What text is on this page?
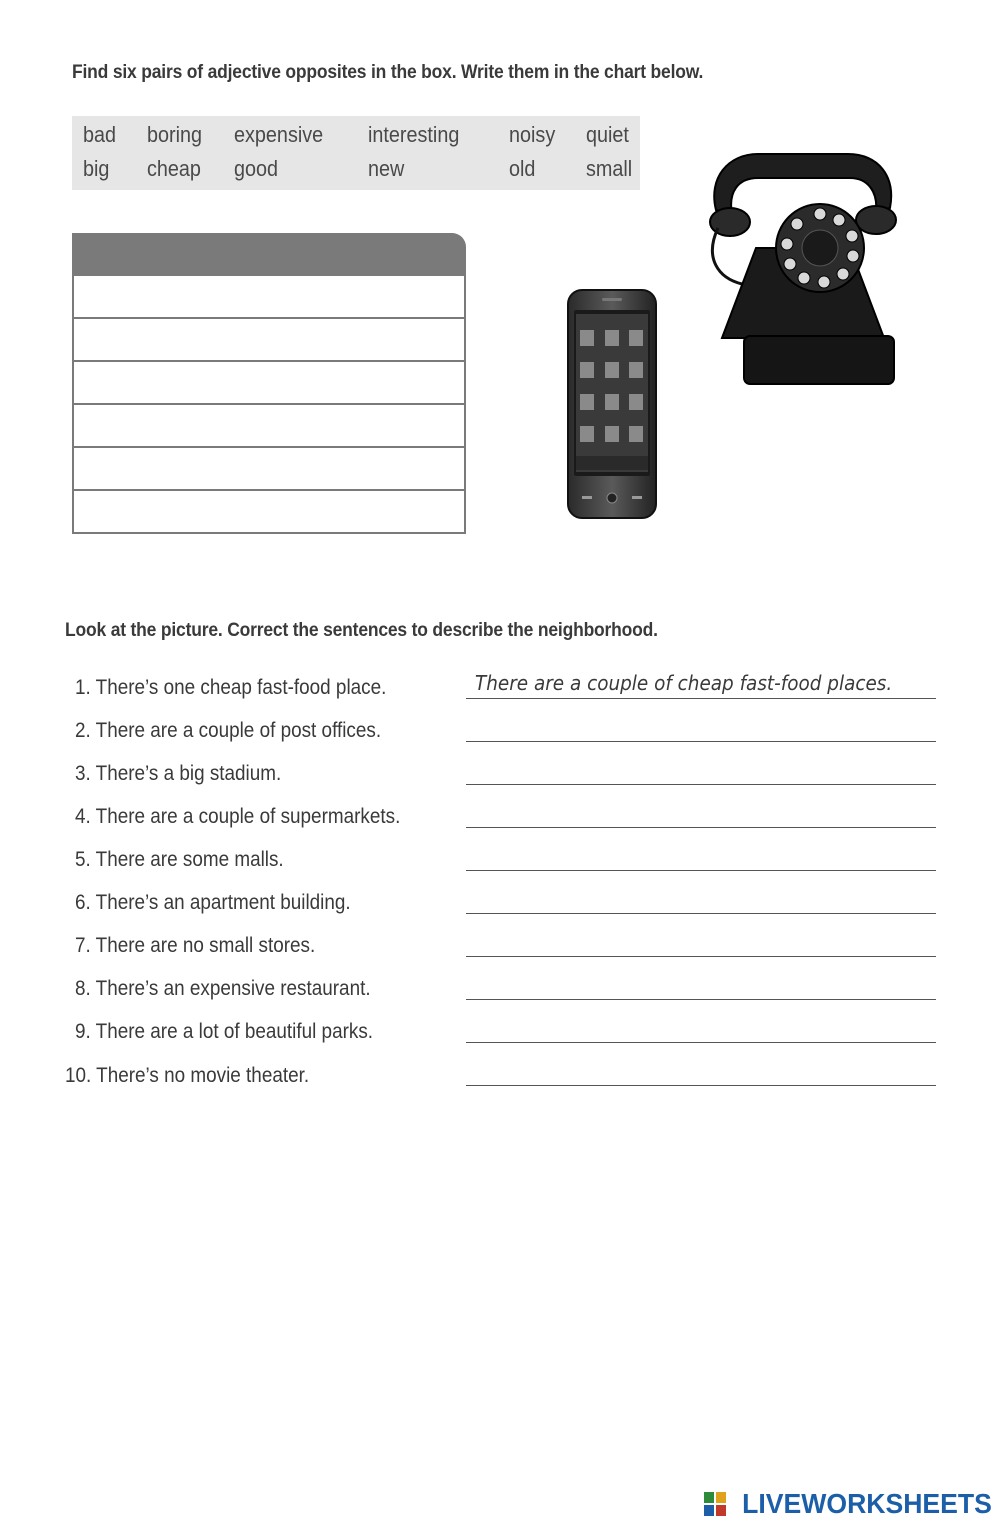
Find six pairs of adjective opposites in the box. Write them in the chart below.
bad boring expensive interesting noisy quiet
big cheap good	new	old small
Look at the picture. Correct the sentences to describe the neighborhood.
1. There’s one cheap fast-food place.
2. There are a couple of post offices.
3. There’s a big stadium.
4. There are a couple of supermarkets.
5. There are some malls.
6. There’s an apartment building.
7. There are no small stores.
8. There’s an expensive restaurant.
9. There are a lot of beautiful parks.
10. There’s no movie theater.
There are a couple of cheap fast-food places.
LIVEWORKSHEETS
